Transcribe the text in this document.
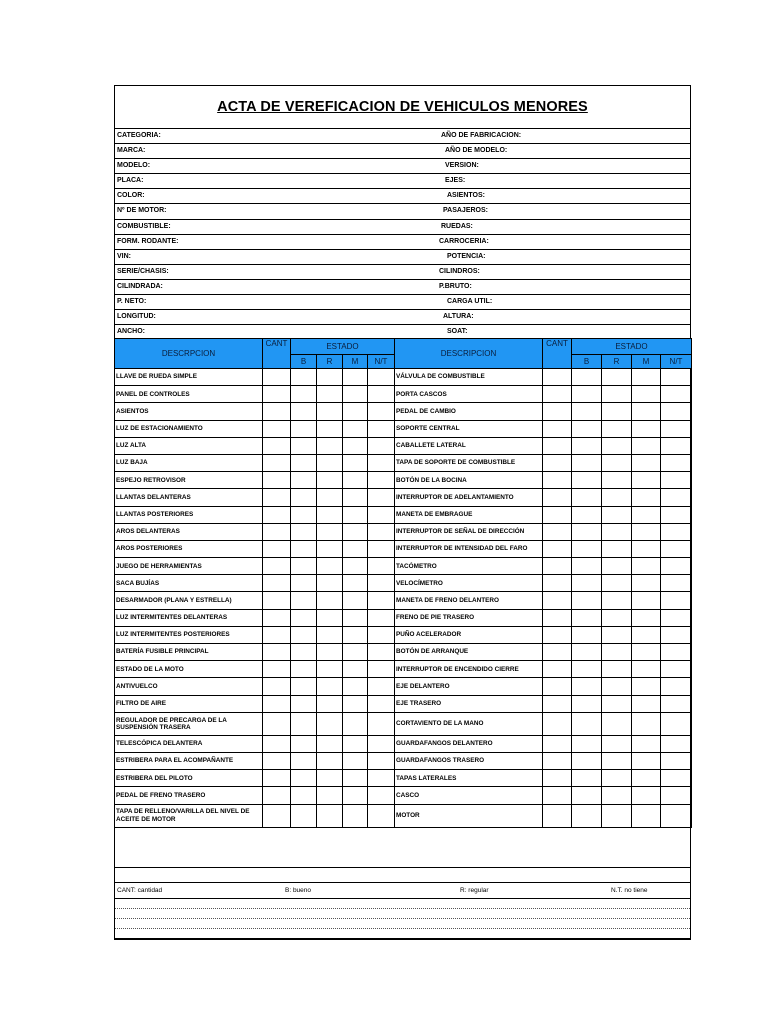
ACTA DE VEREFICACION DE VEHICULOS MENORES
CATEGORIA:	AÑO DE FABRICACION:
MARCA:	AÑO DE MODELO:
MODELO:	VERSION:
PLACA:	EJES:
COLOR:	ASIENTOS:
Nº DE MOTOR:	PASAJEROS:
COMBUSTIBLE:	RUEDAS:
FORM. RODANTE:	CARROCERIA:
VIN:	POTENCIA:
SERIE/CHASIS:	CILINDROS:
CILINDRADA:	P.BRUTO:
P. NETO:	CARGA UTIL:
LONGITUD:	ALTURA:
ANCHO:	SOAT:
DESCRPCION	CANT	ESTADO				DESCRIPCION	CANT	ESTADO			
		B	R	M	N/T			B	R	M	N/T
LLAVE DE RUEDA SIMPLE						VÁLVULA DE COMBUSTIBLE					
PANEL DE CONTROLES						PORTA CASCOS					
ASIENTOS						PEDAL DE CAMBIO					
LUZ DE ESTACIONAMIENTO						SOPORTE CENTRAL					
LUZ ALTA						CABALLETE LATERAL					
LUZ BAJA						TAPA DE SOPORTE DE COMBUSTIBLE					
ESPEJO RETROVISOR						BOTÓN DE LA BOCINA					
LLANTAS DELANTERAS						INTERRUPTOR DE ADELANTAMIENTO					
LLANTAS POSTERIORES						MANETA DE EMBRAGUE					
AROS DELANTERAS						INTERRUPTOR DE SEÑAL DE DIRECCIÓN					
AROS POSTERIORES						INTERRUPTOR DE INTENSIDAD DEL FARO					
JUEGO DE HERRAMIENTAS						TACÓMETRO					
SACA BUJÍAS						VELOCÍMETRO					
DESARMADOR (PLANA Y ESTRELLA)						MANETA DE FRENO DELANTERO					
LUZ INTERMITENTES DELANTERAS						FRENO DE PIE TRASERO					
LUZ INTERMITENTES POSTERIORES						PUÑO ACELERADOR					
BATERÍA FUSIBLE PRINCIPAL						BOTÓN DE ARRANQUE					
ESTADO DE LA MOTO						INTERRUPTOR DE ENCENDIDO CIERRE					
ANTIVUELCO						EJE DELANTERO					
FILTRO DE AIRE						EJE TRASERO					
REGULADOR DE PRECARGA DE LA SUSPENSIÓN TRASERA						CORTAVIENTO DE LA MANO					
TELESCÓPICA DELANTERA						GUARDAFANGOS DELANTERO					
ESTRIBERA PARA EL ACOMPAÑANTE						GUARDAFANGOS TRASERO					
ESTRIBERA DEL PILOTO						TAPAS LATERALES					
PEDAL DE FRENO TRASERO						CASCO					
TAPA DE RELLENO/VARILLA DEL NIVEL DE ACEITE DE MOTOR						MOTOR					
CANT: cantidad	B: bueno	R: regular	N.T. no tiene
